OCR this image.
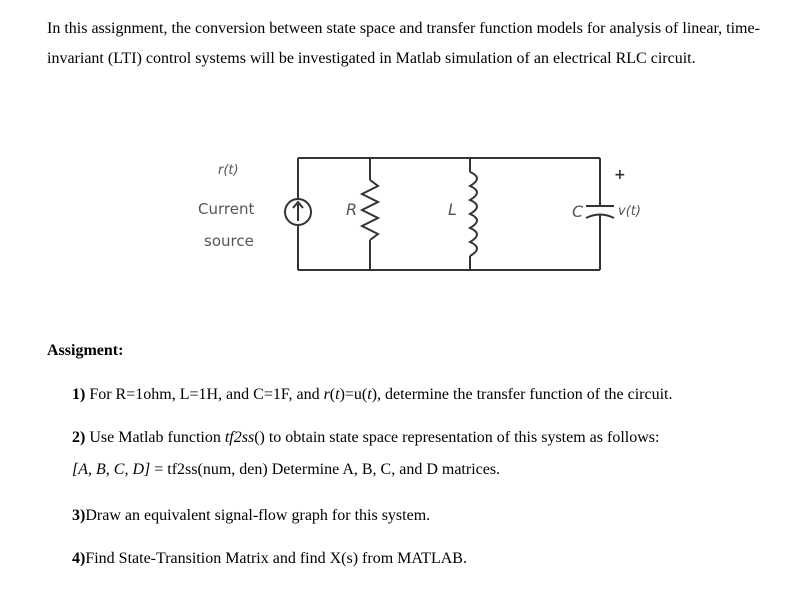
In this assignment, the conversion between state space and transfer function models for analysis of linear, time-invariant (LTI) control systems will be investigated in Matlab simulation of an electrical RLC circuit.

r(t)
Current
source
R	L	C
+
v(t)

Assigment:

1) For R=1ohm, L=1H, and C=1F, and r(t)=u(t), determine the transfer function of the circuit.

2) Use Matlab function tf2ss() to obtain state space representation of this system as follows:

[A, B, C, D] = tf2ss(num, den) Determine A, B, C, and D matrices.

3)Draw an equivalent signal-flow graph for this system.

4)Find State-Transition Matrix and find X(s) from MATLAB.
